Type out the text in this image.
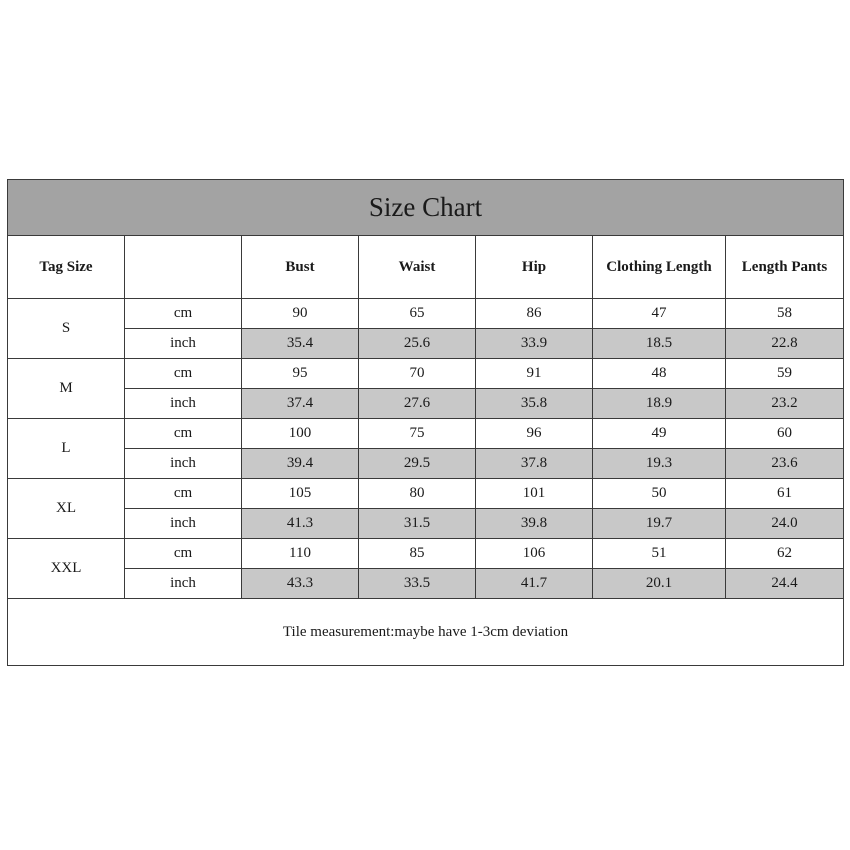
Size Chart						
Tag Size		Bust	Waist	Hip	Clothing Length	Length Pants
S	cm	90	65	86	47	58
	inch	35.4	25.6	33.9	18.5	22.8
M	cm	95	70	91	48	59
	inch	37.4	27.6	35.8	18.9	23.2
L	cm	100	75	96	49	60
	inch	39.4	29.5	37.8	19.3	23.6
XL	cm	105	80	101	50	61
	inch	41.3	31.5	39.8	19.7	24.0
XXL	cm	110	85	106	51	62
	inch	43.3	33.5	41.7	20.1	24.4
Tile measurement:maybe have 1-3cm deviation						
